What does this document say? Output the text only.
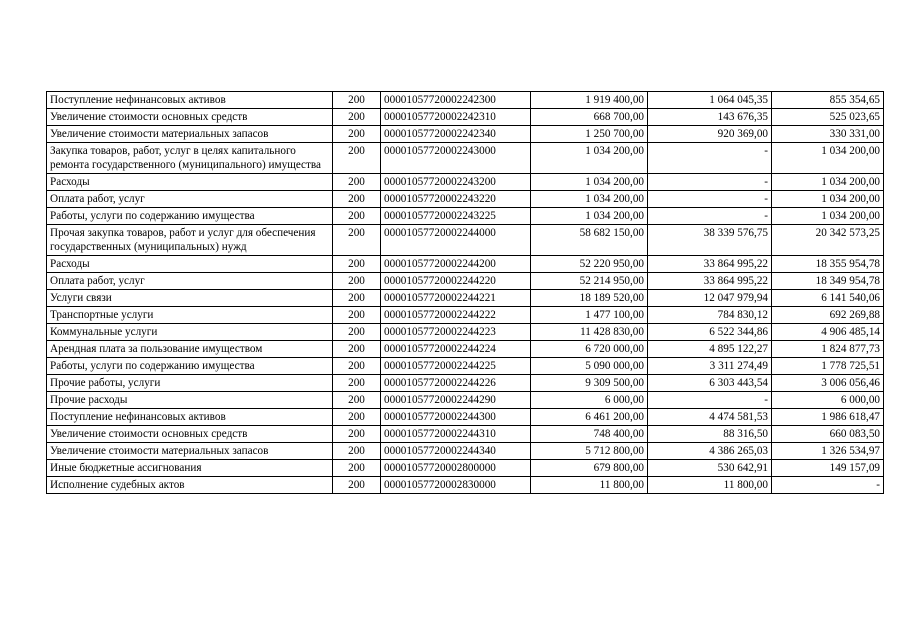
Поступление нефинансовых активов	200	00001057720002242300	1 919 400,00	1 064 045,35	855 354,65
Увеличение стоимости основных средств	200	00001057720002242310	668 700,00	143 676,35	525 023,65
Увеличение стоимости материальных запасов	200	00001057720002242340	1 250 700,00	920 369,00	330 331,00
Закупка товаров, работ, услуг в целях капитального ремонта государственного (муниципального) имущества	200	00001057720002243000	1 034 200,00	-	1 034 200,00
Расходы	200	00001057720002243200	1 034 200,00	-	1 034 200,00
Оплата работ, услуг	200	00001057720002243220	1 034 200,00	-	1 034 200,00
Работы, услуги по содержанию имущества	200	00001057720002243225	1 034 200,00	-	1 034 200,00
Прочая закупка товаров, работ и услуг для обеспечения государственных (муниципальных) нужд	200	00001057720002244000	58 682 150,00	38 339 576,75	20 342 573,25
Расходы	200	00001057720002244200	52 220 950,00	33 864 995,22	18 355 954,78
Оплата работ, услуг	200	00001057720002244220	52 214 950,00	33 864 995,22	18 349 954,78
Услуги связи	200	00001057720002244221	18 189 520,00	12 047 979,94	6 141 540,06
Транспортные услуги	200	00001057720002244222	1 477 100,00	784 830,12	692 269,88
Коммунальные услуги	200	00001057720002244223	11 428 830,00	6 522 344,86	4 906 485,14
Арендная плата за пользование имуществом	200	00001057720002244224	6 720 000,00	4 895 122,27	1 824 877,73
Работы, услуги по содержанию имущества	200	00001057720002244225	5 090 000,00	3 311 274,49	1 778 725,51
Прочие работы, услуги	200	00001057720002244226	9 309 500,00	6 303 443,54	3 006 056,46
Прочие расходы	200	00001057720002244290	6 000,00	-	6 000,00
Поступление нефинансовых активов	200	00001057720002244300	6 461 200,00	4 474 581,53	1 986 618,47
Увеличение стоимости основных средств	200	00001057720002244310	748 400,00	88 316,50	660 083,50
Увеличение стоимости материальных запасов	200	00001057720002244340	5 712 800,00	4 386 265,03	1 326 534,97
Иные бюджетные ассигнования	200	00001057720002800000	679 800,00	530 642,91	149 157,09
Исполнение судебных актов	200	00001057720002830000	11 800,00	11 800,00	-
